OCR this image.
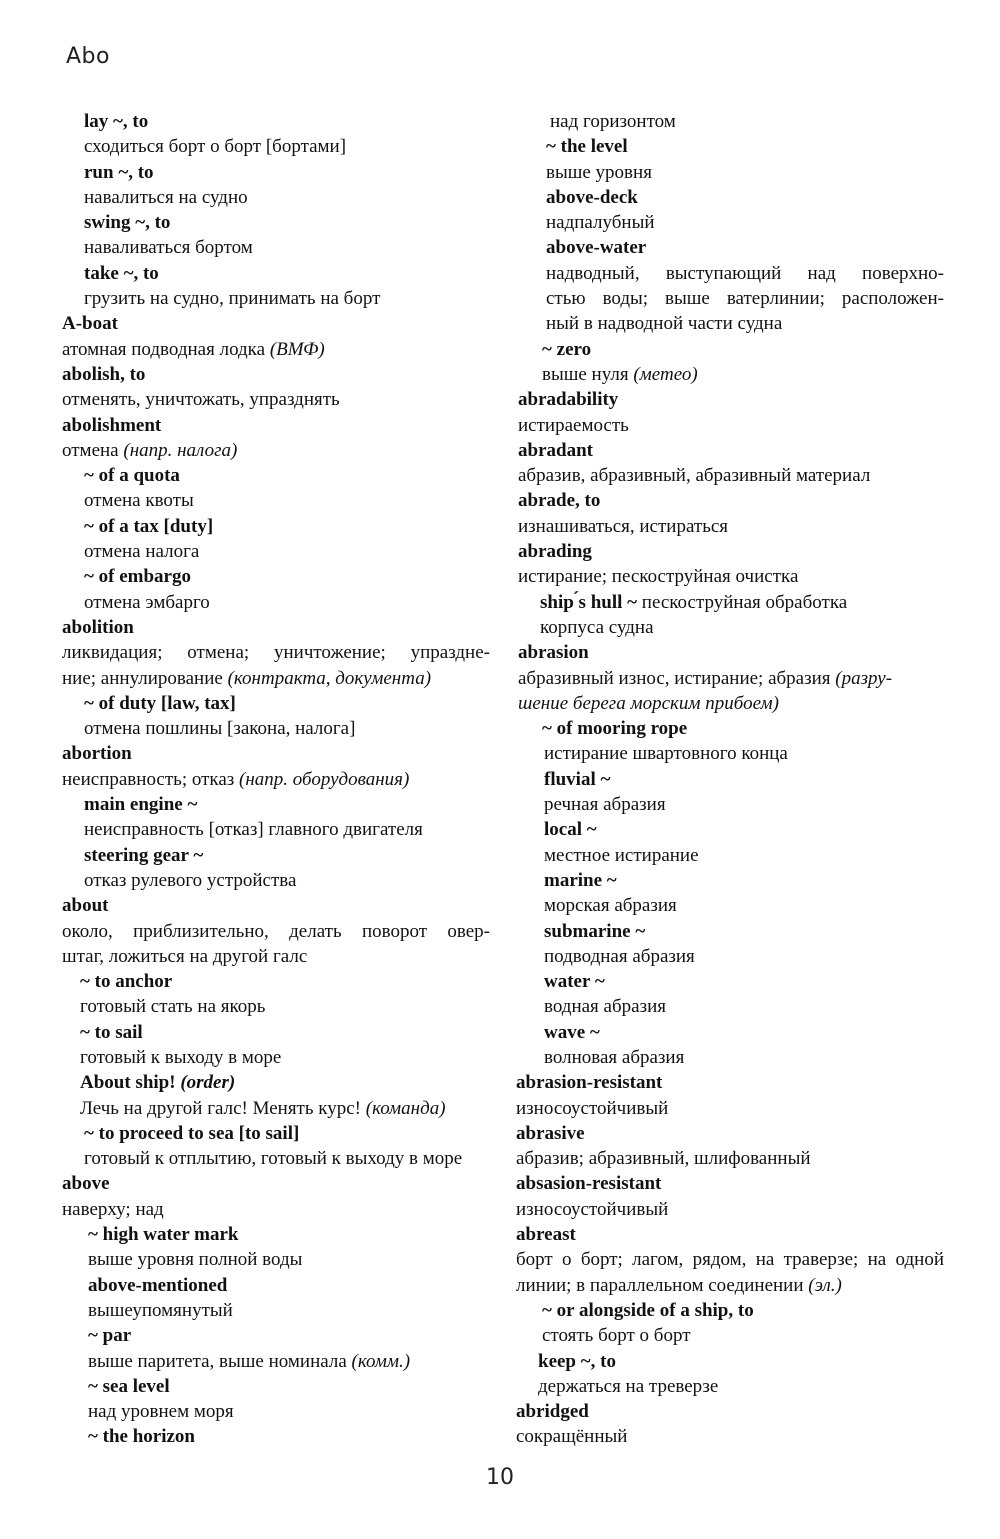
Abo
lay ~, to
сходиться борт о борт [бортами]
run ~, to
навалиться на судно
swing ~, to
наваливаться бортом
take ~, to
грузить на судно, принимать на борт
A-boat
атомная подводная лодка (ВМФ)
abolish, to
отменять, уничтожать, упразднять
abolishment
отмена (напр. налога)
~ of a quota
отмена квоты
~ of a tax [duty]
отмена налога
~ of embargo
отмена эмбарго
abolition
ликвидация; отмена; уничтожение; упраздне-
ние; аннулирование (контракта, документа)
~ of duty [law, tax]
отмена пошлины [закона, налога]
abortion
неисправность; отказ (напр. оборудования)
main engine ~
неисправность [отказ] главного двигателя
steering gear ~
отказ рулевого устройства
about
около, приблизительно, делать поворот овер-
штаг, ложиться на другой галс
~ to anchor
готовый стать на якорь
~ to sail
готовый к выходу в море
About ship! (order)
Лечь на другой галс! Менять курс! (команда)
~ to proceed to sea [to sail]
готовый к отплытию, готовый к выходу в море
above
наверху; над
~ high water mark
выше уровня полной воды
above-mentioned
вышеупомянутый
~ par
выше паритета, выше номинала (комм.)
~ sea level
над уровнем моря
~ the horizon
над горизонтом
~ the level
выше уровня
above-deck
надпалубный
above-water
надводный, выступающий над поверхно-
стью воды; выше ватерлинии; расположен-
ный в надводной части судна
~ zero
выше нуля (метео)
abradability
истираемость
abradant
абразив, абразивный, абразивный материал
abrade, to
изнашиваться, истираться
abrading
истирание; пескоструйная очистка
ship ́s hull ~ пескоструйная обработка
корпуса судна
abrasion
абразивный износ, истирание; абразия (разру-
шение берега морским прибоем)
~ of mooring rope
истирание швартовного конца
fluvial ~
речная абразия
local ~
местное истирание
marine ~
морская абразия
submarine ~
подводная абразия
water ~
водная абразия
wave ~
волновая абразия
abrasion-resistant
износоустойчивый
abrasive
абразив; абразивный, шлифованный
absasion-resistant
износоустойчивый
abreast
борт о борт; лагом, рядом, на траверзе; на одной
линии; в параллельном соединении (эл.)
~ or alongside of a ship, to
стоять борт о борт
keep ~, to
держаться на треверзе
abridged
сокращённый
10
